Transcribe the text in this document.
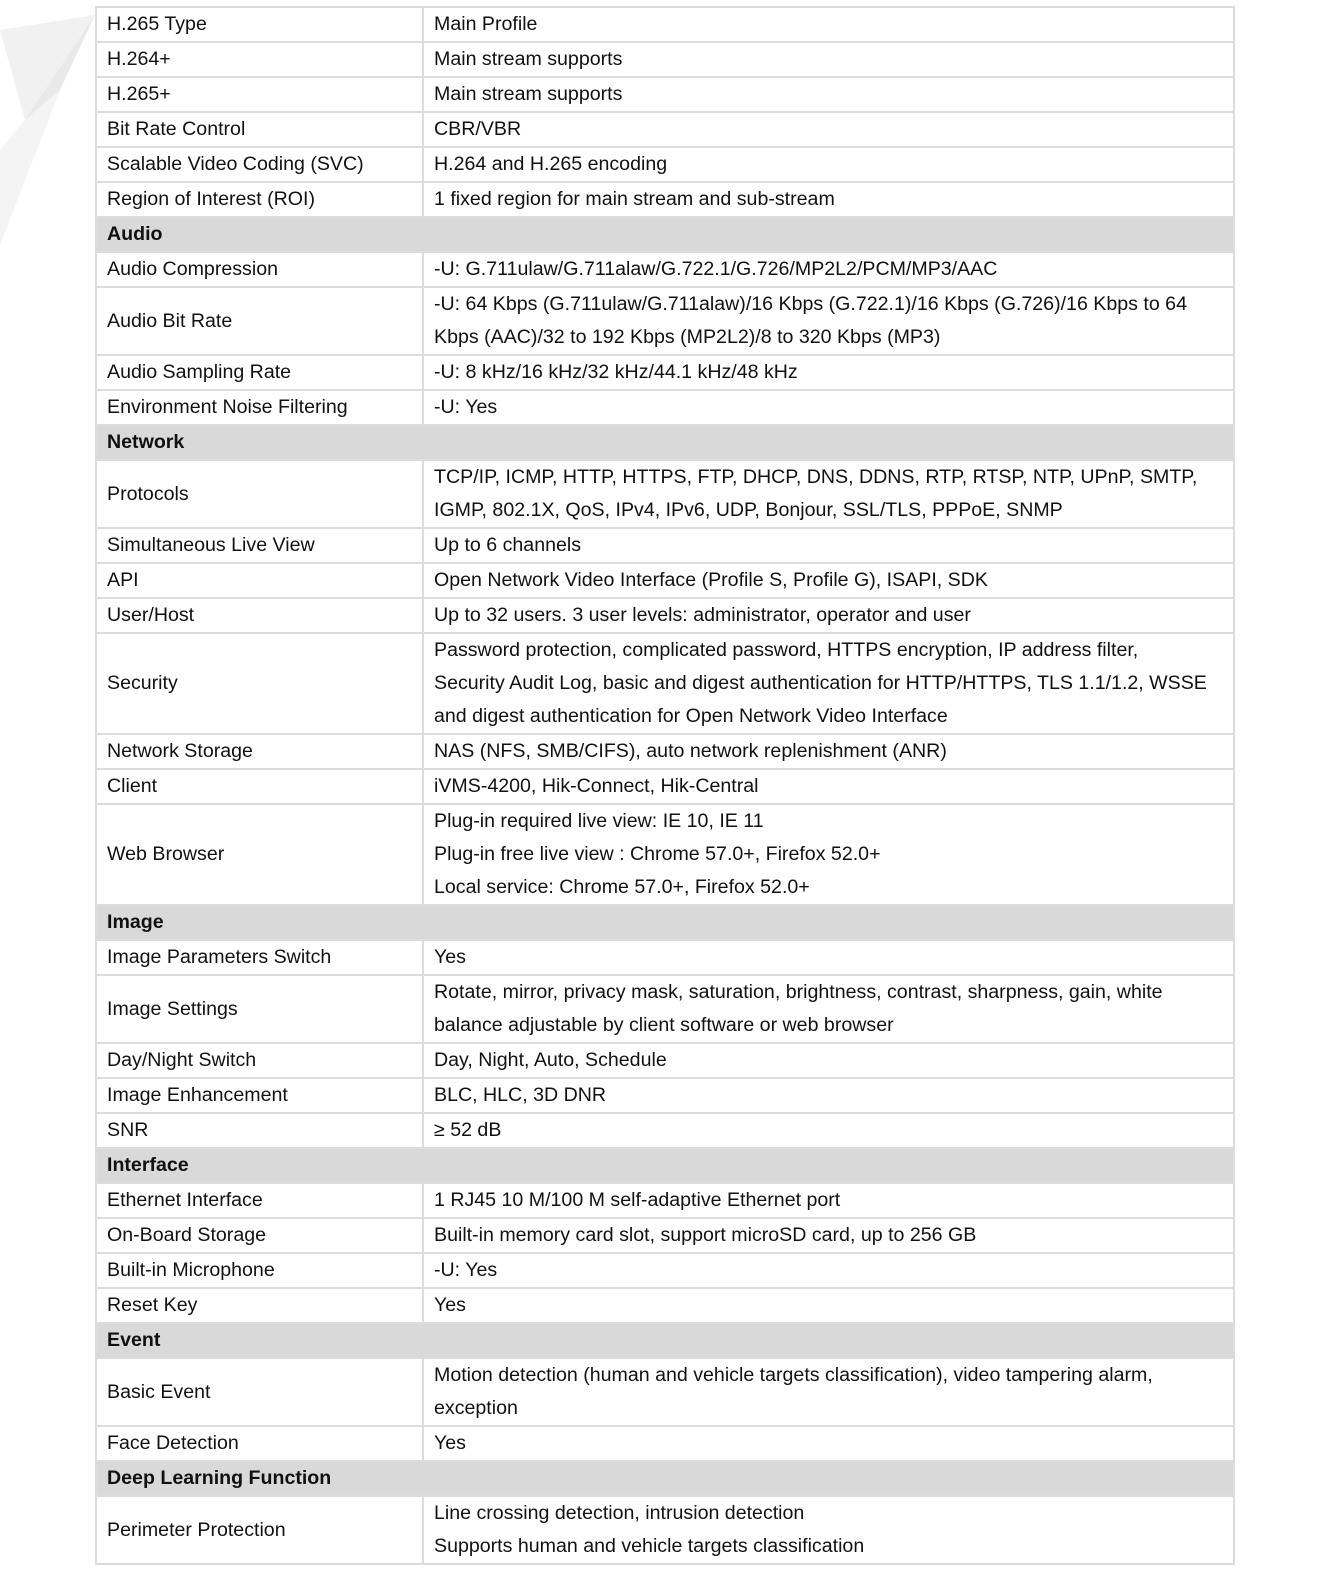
H.265 Type	Main Profile

H.264+	Main stream supports

H.265+	Main stream supports

Bit Rate Control	CBR/VBR

Scalable Video Coding (SVC)	H.264 and H.265 encoding

Region of Interest (ROI)	1 fixed region for main stream and sub-stream

Audio	
Audio Compression	-U: G.711ulaw/G.711alaw/G.722.1/G.726/MP2L2/PCM/MP3/AAC

Audio Bit Rate	-U: 64 Kbps (G.711ulaw/G.711alaw)/16 Kbps (G.722.1)/16 Kbps (G.726)/16 Kbps to 64
Kbps (AAC)/32 to 192 Kbps (MP2L2)/8 to 320 Kbps (MP3)

Audio Sampling Rate	-U: 8 kHz/16 kHz/32 kHz/44.1 kHz/48 kHz

Environment Noise Filtering	-U: Yes

Network	
Protocols	TCP/IP, ICMP, HTTP, HTTPS, FTP, DHCP, DNS, DDNS, RTP, RTSP, NTP, UPnP, SMTP,
IGMP, 802.1X, QoS, IPv4, IPv6, UDP, Bonjour, SSL/TLS, PPPoE, SNMP

Simultaneous Live View	Up to 6 channels

API	Open Network Video Interface (Profile S, Profile G), ISAPI, SDK

User/Host	Up to 32 users. 3 user levels: administrator, operator and user

Security	Password protection, complicated password, HTTPS encryption, IP address filter,
Security Audit Log, basic and digest authentication for HTTP/HTTPS, TLS 1.1/1.2, WSSE
and digest authentication for Open Network Video Interface

Network Storage	NAS (NFS, SMB/CIFS), auto network replenishment (ANR)

Client	iVMS-4200, Hik-Connect, Hik-Central

Web Browser	Plug-in required live view: IE 10, IE 11
Plug-in free live view : Chrome 57.0+, Firefox 52.0+
Local service: Chrome 57.0+, Firefox 52.0+

Image	
Image Parameters Switch	Yes

Image Settings	Rotate, mirror, privacy mask, saturation, brightness, contrast, sharpness, gain, white
balance adjustable by client software or web browser

Day/Night Switch	Day, Night, Auto, Schedule

Image Enhancement	BLC, HLC, 3D DNR

SNR	≥ 52 dB

Interface	
Ethernet Interface	1 RJ45 10 M/100 M self-adaptive Ethernet port

On-Board Storage	Built-in memory card slot, support microSD card, up to 256 GB

Built-in Microphone	-U: Yes

Reset Key	Yes

Event	
Basic Event	Motion detection (human and vehicle targets classification), video tampering alarm,
exception

Face Detection	Yes

Deep Learning Function	
Perimeter Protection	Line crossing detection, intrusion detection
Supports human and vehicle targets classification
